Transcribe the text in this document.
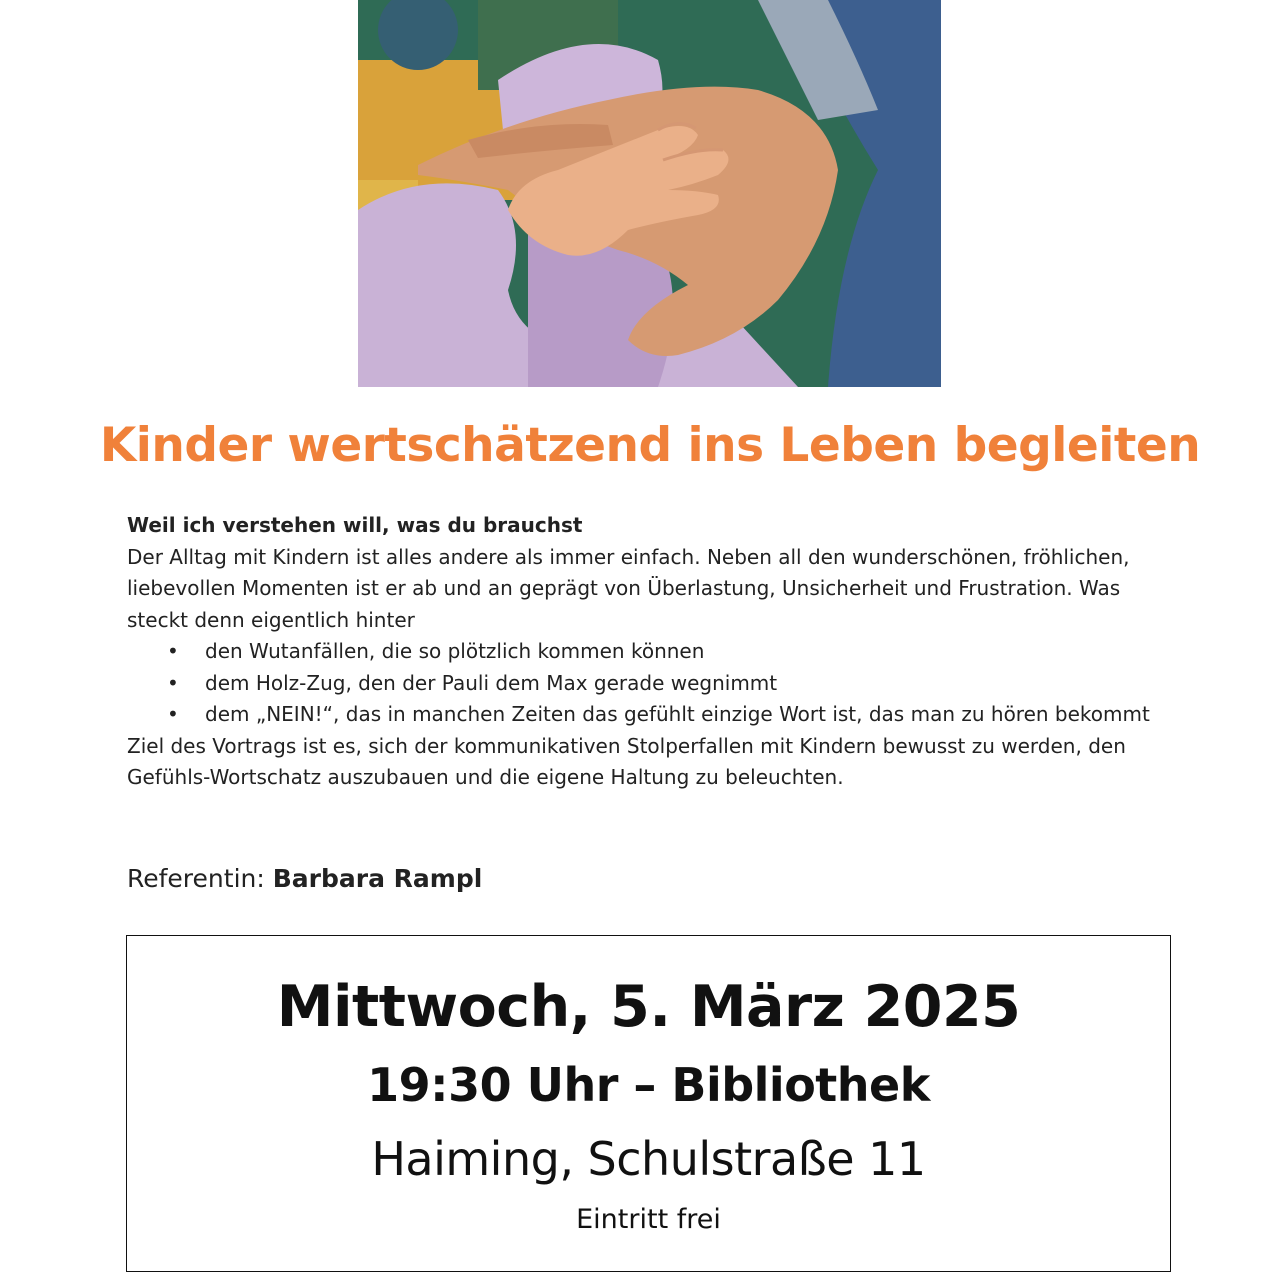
Kinder wertschätzend ins Leben begleiten

Weil ich verstehen will, was du brauchst

Der Alltag mit Kindern ist alles andere als immer einfach. Neben all den wunderschönen, fröhlichen, liebevollen Momenten ist er ab und an geprägt von Überlastung, Unsicherheit und Frustration. Was steckt denn eigentlich hinter

• den Wutanfällen, die so plötzlich kommen können
• dem Holz-Zug, den der Pauli dem Max gerade wegnimmt
• dem „NEIN!“, das in manchen Zeiten das gefühlt einzige Wort ist, das man zu hören bekommt

Ziel des Vortrags ist es, sich der kommunikativen Stolperfallen mit Kindern bewusst zu werden, den Gefühls-Wortschatz auszubauen und die eigene Haltung zu beleuchten.

Referentin: Barbara Rampl
Mittwoch, 5. März 2025
19:30 Uhr – Bibliothek
Haiming, Schulstraße 11
Eintritt frei
